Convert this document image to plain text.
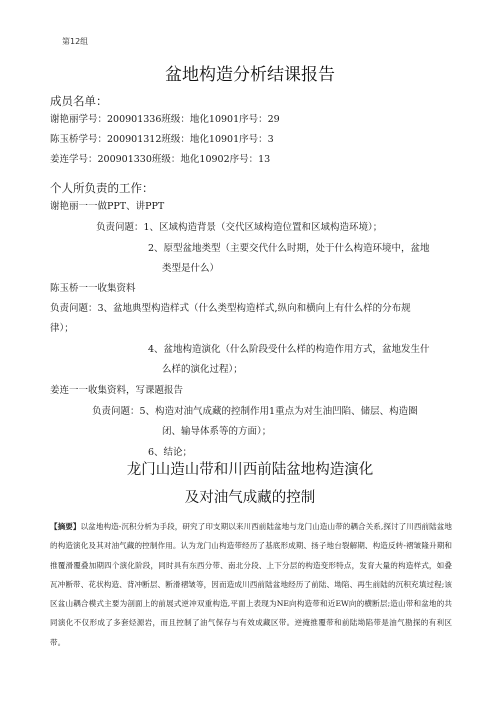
第12组
盆地构造分析结课报告
成员名单：
谢艳丽学号：200901336班级：地化10901序号：29
陈玉桥学号：200901312班级：地化10901序号：3
姜连学号：200901330班级：地化10902序号：13
个人所负责的工作：
谢艳丽一一做PPT、讲PPT
负责问题：1、区域构造背景（交代区域构造位置和区域构造环境）；
2、原型盆地类型（主要交代什么时期，处于什么构造环境中，盆地
类型是什么）
陈玉桥一一收集资料
负责问题：3、盆地典型构造样式（什么类型构造样式,纵向和横向上有什么样的分布规
律）；
4、盆地构造演化（什么阶段受什么样的构造作用方式，盆地发生什
么样的演化过程）；
姜连一一收集资料，写课题报告
负责问题：5、构造对油气成藏的控制作用1重点为对生油凹陷、储层、构造圈
闭、输导体系等的方面）；
6、结论；
龙门山造山带和川西前陆盆地构造演化
及对油气成藏的控制
【摘要】以盆地构造-沉积分析为手段，研究了印支期以来川西前陆盆地与龙门山造山带的耦合关系,探讨了川西前陆盆地的构造演化及其对油气藏的控制作用。认为龙门山构造带经历了基底形成期、扬子地台裂解期、构造反转-褶皱隆升期和推覆滑覆叠加期四个演化阶段，同时具有东西分带、南北分段、上下分层的构造变形特点，发育大量的构造样式，如叠瓦冲断带、花状构造、背冲断层、断滑褶皱等，因而造成川西前陆盆地经历了前陆、坳陷、再生前陆的沉积充填过程;该区盆山耦合模式主要为剖面上的前展式逆冲双重构造,平面上表现为NE向构造带和近EW向的横断层;造山带和盆地的共同演化不仅形成了多套烃源岩，而且控制了油气保存与有效成藏区带。逆掩推覆带和前陆坳陷带是油气勘探的有利区带。
